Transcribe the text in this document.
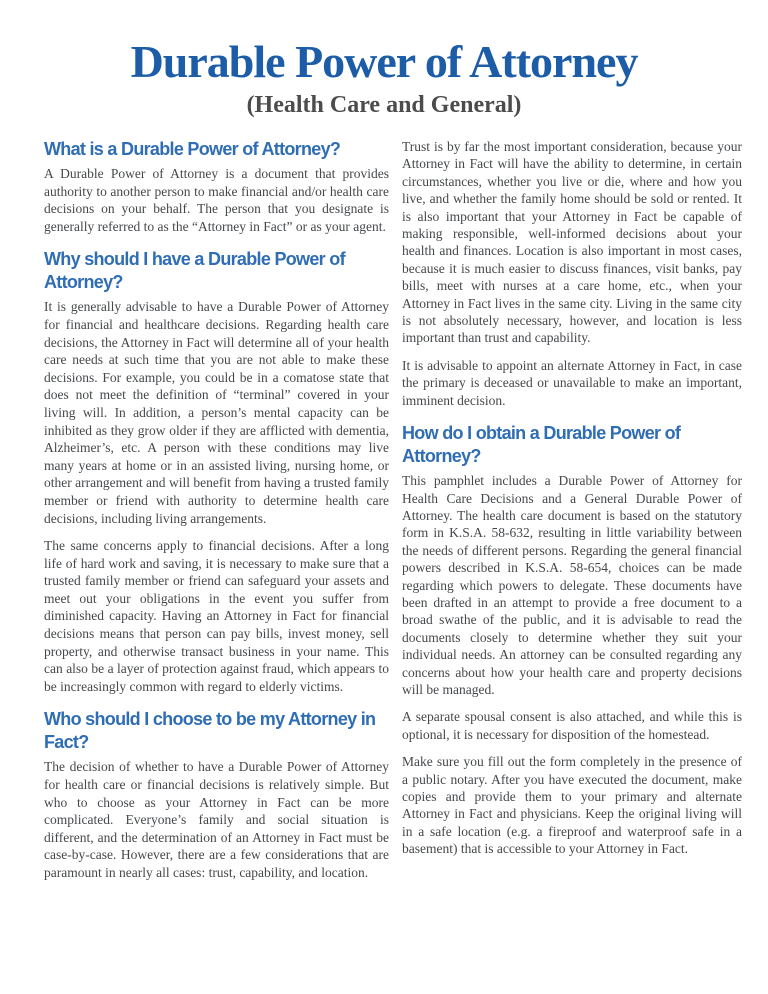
Durable Power of Attorney
(Health Care and General)
What is a Durable Power of Attorney?

A Durable Power of Attorney is a document that provides authority to another person to make financial and/or health care decisions on your behalf. The person that you designate is generally referred to as the “Attorney in Fact” or as your agent.

Why should I have a Durable Power of Attorney?

It is generally advisable to have a Durable Power of Attorney for financial and healthcare decisions. Regarding health care decisions, the Attorney in Fact will determine all of your health care needs at such time that you are not able to make these decisions. For example, you could be in a comatose state that does not meet the definition of “terminal” covered in your living will. In addition, a person’s mental capacity can be inhibited as they grow older if they are afflicted with dementia, Alzheimer’s, etc. A person with these conditions may live many years at home or in an assisted living, nursing home, or other arrangement and will benefit from having a trusted family member or friend with authority to determine health care decisions, including living arrangements.

The same concerns apply to financial decisions. After a long life of hard work and saving, it is necessary to make sure that a trusted family member or friend can safeguard your assets and meet out your obligations in the event you suffer from diminished capacity. Having an Attorney in Fact for financial decisions means that person can pay bills, invest money, sell property, and otherwise transact business in your name. This can also be a layer of protection against fraud, which appears to be increasingly common with regard to elderly victims.

Who should I choose to be my Attorney in Fact?

The decision of whether to have a Durable Power of Attorney for health care or financial decisions is relatively simple. But who to choose as your Attorney in Fact can be more complicated. Everyone’s family and social situation is different, and the determination of an Attorney in Fact must be case-by-case. However, there are a few considerations that are paramount in nearly all cases: trust, capability, and location.

Trust is by far the most important consideration, because your Attorney in Fact will have the ability to determine, in certain circumstances, whether you live or die, where and how you live, and whether the family home should be sold or rented. It is also important that your Attorney in Fact be capable of making responsible, well-informed decisions about your health and finances. Location is also important in most cases, because it is much easier to discuss finances, visit banks, pay bills, meet with nurses at a care home, etc., when your Attorney in Fact lives in the same city. Living in the same city is not absolutely necessary, however, and location is less important than trust and capability.

It is advisable to appoint an alternate Attorney in Fact, in case the primary is deceased or unavailable to make an important, imminent decision.

How do I obtain a Durable Power of Attorney?

This pamphlet includes a Durable Power of Attorney for Health Care Decisions and a General Durable Power of Attorney. The health care document is based on the statutory form in K.S.A. 58-632, resulting in little variability between the needs of different persons. Regarding the general financial powers described in K.S.A. 58-654, choices can be made regarding which powers to delegate. These documents have been drafted in an attempt to provide a free document to a broad swathe of the public, and it is advisable to read the documents closely to determine whether they suit your individual needs. An attorney can be consulted regarding any concerns about how your health care and property decisions will be managed.

A separate spousal consent is also attached, and while this is optional, it is necessary for disposition of the homestead.

Make sure you fill out the form completely in the presence of a public notary. After you have executed the document, make copies and provide them to your primary and alternate Attorney in Fact and physicians. Keep the original living will in a safe location (e.g. a fireproof and waterproof safe in a basement) that is accessible to your Attorney in Fact.
